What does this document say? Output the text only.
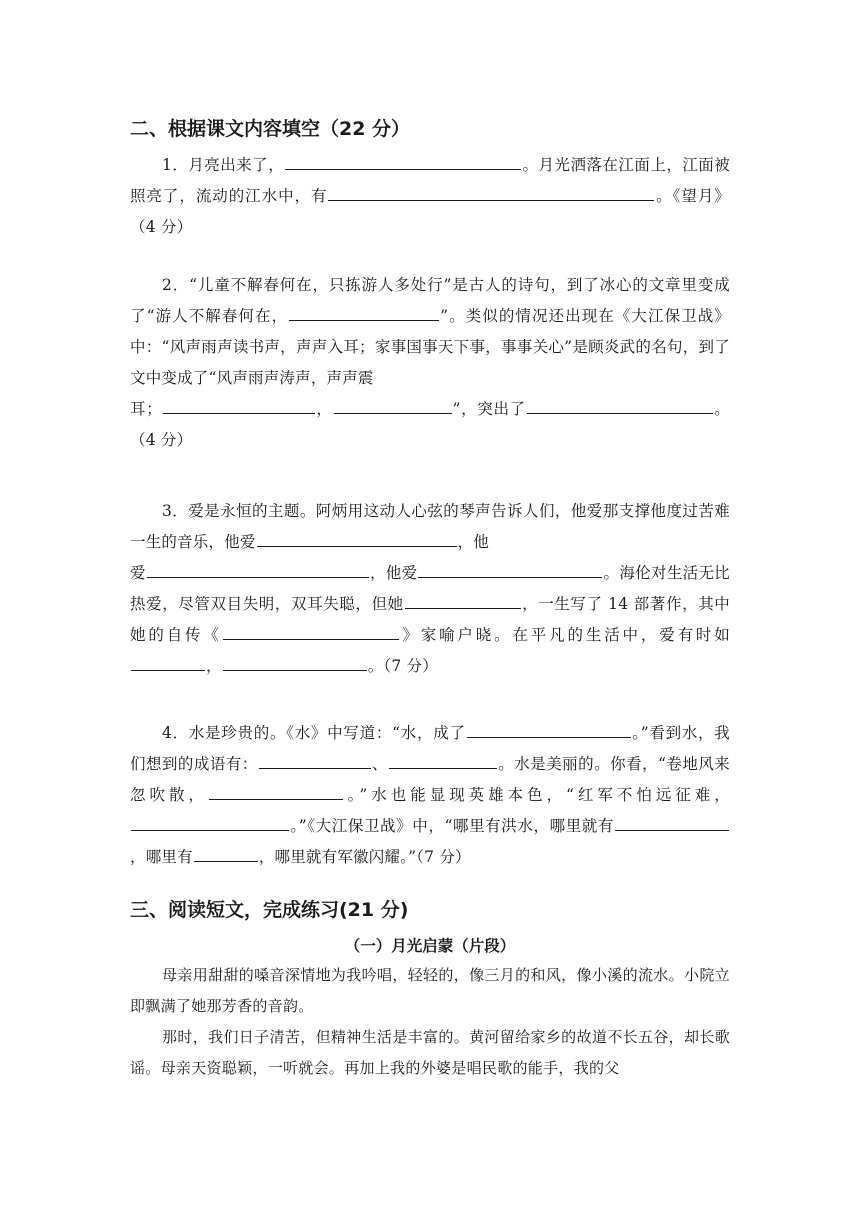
二、根据课文内容填空（22 分）
1．月亮出来了，	。月光洒落在江面上，江面被照亮了，流动的江水中，有	。《望月》（4 分）
2．“儿童不解春何在，只拣游人多处行”是古人的诗句，到了冰心的文章里变成了“游人不解春何在，	”。类似的情况还出现在《大江保卫战》中：“风声雨声读书声，声声入耳；家事国事天下事，事事关心”是顾炎武的名句，到了文中变成了“风声雨声涛声，声声震
耳；	，	”，突出了	。（4 分）
3．爱是永恒的主题。阿炳用这动人心弦的琴声告诉人们，他爱那支撑他度过苦难一生的音乐，他爱	，他
爱	，他爱	。海伦对生活无比热爱，尽管双目失明，双耳失聪，但她	，一生写了 14 部著作，其中她的自传《	》家喻户晓。在平凡的生活中，爱有时如，	。（7 分）
4．水是珍贵的。《水》中写道：“水，成了	。”看到水，我们想到的成语有：	、	。水是美丽的。你看，“卷地风来忽吹散，	。”水也能显现英雄本色，“红军不怕远征难，。”《大江保卫战》中，“哪里有洪水，哪里就有，哪里有	，哪里就有军徽闪耀。”（7 分）
三、阅读短文，完成练习(21 分)
（一）月光启蒙（片段）
母亲用甜甜的嗓音深情地为我吟唱，轻轻的，像三月的和风，像小溪的流水。小院立即飘满了她那芳香的音韵。
那时，我们日子清苦，但精神生活是丰富的。黄河留给家乡的故道不长五谷，却长歌谣。母亲天资聪颖，一听就会。再加上我的外婆是唱民歌的能手，我的父
